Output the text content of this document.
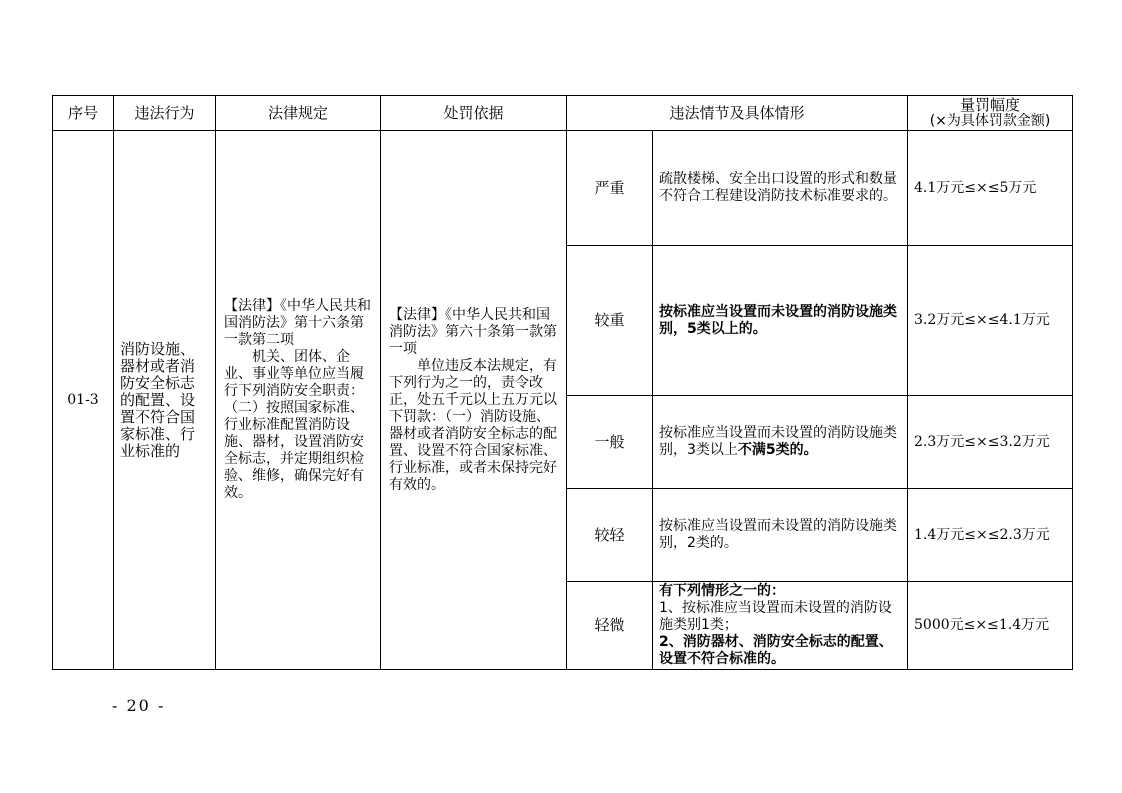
序号	违法行为	法律规定	处罚依据	违法情节及具体情形		量罚幅度
(×为具体罚款金额)

01-3	消防设施、器材或者消防安全标志的配置、设置不符合国家标准、行业标准的	【法律】《中华人民共和国消防法》第十六条第一款第二项
机关、团体、企业、事业等单位应当履行下列消防安全职责：（二）按照国家标准、行业标准配置消防设施、器材，设置消防安全标志，并定期组织检验、维修，确保完好有效。	【法律】《中华人民共和国消防法》第六十条第一款第一项
单位违反本法规定，有下列行为之一的，责令改正，处五千元以上五万元以下罚款：（一）消防设施、器材或者消防安全标志的配置、设置不符合国家标准、行业标准，或者未保持完好有效的。	严重	疏散楼梯、安全出口设置的形式和数量不符合工程建设消防技术标准要求的。	4.1万元≤×≤5万元
				较重	按标准应当设置而未设置的消防设施类别，5类以上的。	3.2万元≤×≤4.1万元
				一般	按标准应当设置而未设置的消防设施类别，3类以上不满5类的。	2.3万元≤×≤3.2万元
				较轻	按标准应当设置而未设置的消防设施类别，2类的。	1.4万元≤×≤2.3万元
				轻微	有下列情形之一的：
1、按标准应当设置而未设置的消防设施类别1类；
2、消防器材、消防安全标志的配置、设置不符合标准的。	5000元≤×≤1.4万元
- 20 -
